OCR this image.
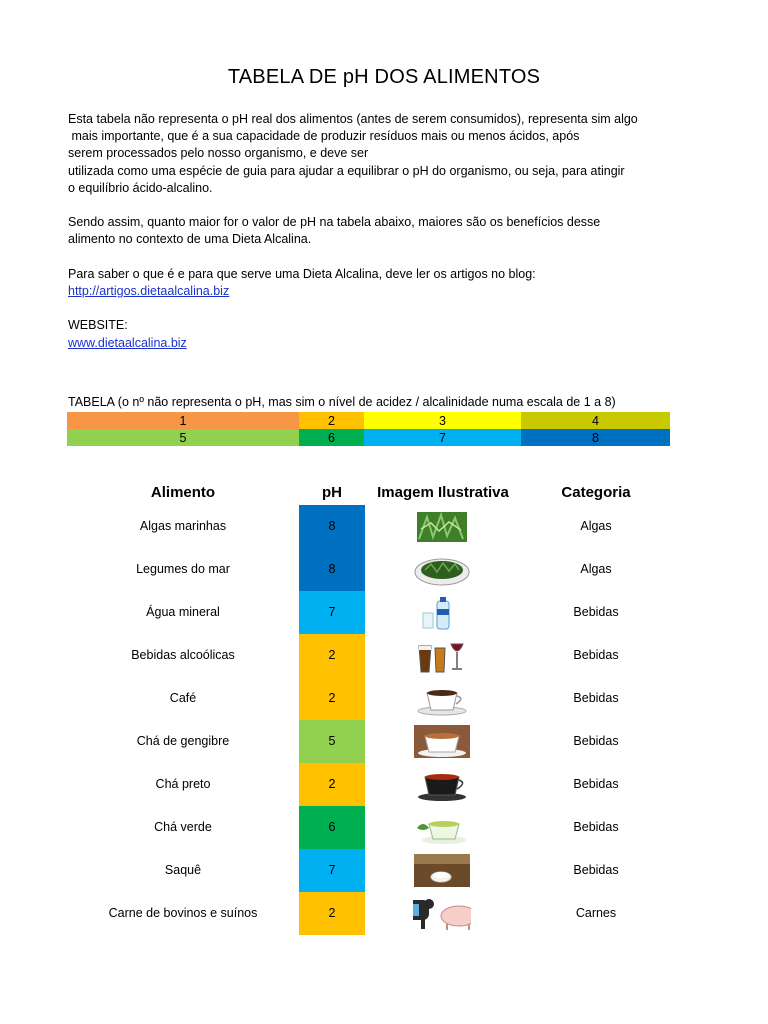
TABELA DE pH DOS ALIMENTOS

Esta tabela não representa o pH real dos alimentos (antes de serem consumidos), representa sim algo

mais importante, que é a sua capacidade de produzir resíduos mais ou menos ácidos, após

serem processados pelo nosso organismo, e deve ser

utilizada como uma espécie de guia para ajudar a equilibrar o pH do organismo, ou seja, para atingir

o equilíbrio ácido-alcalino.

Sendo assim, quanto maior for o valor de pH na tabela abaixo, maiores são os benefícios desse

alimento no contexto de uma Dieta Alcalina.

Para saber o que é e para que serve uma Dieta Alcalina, deve ler os artigos no blog:

http://artigos.dietaalcalina.biz

WEBSITE:

www.dietaalcalina.biz

TABELA (o nº não representa o pH, mas sim o nível de acidez / alcalinidade numa escala de 1 a 8)
1	2	3	4
5	6	7	8
Alimento	pH	Imagem Ilustrativa	Categoria
Algas marinhas	8	Algas
Legumes do mar	8	Algas
Água mineral	7	Bebidas
Bebidas alcoólicas	2	Bebidas
Café	2	Bebidas
Chá de gengibre	5	Bebidas
Chá preto	2	Bebidas
Chá verde	6	Bebidas
Saquê	7	Bebidas
Carne de bovinos e suínos	2	Carnes
